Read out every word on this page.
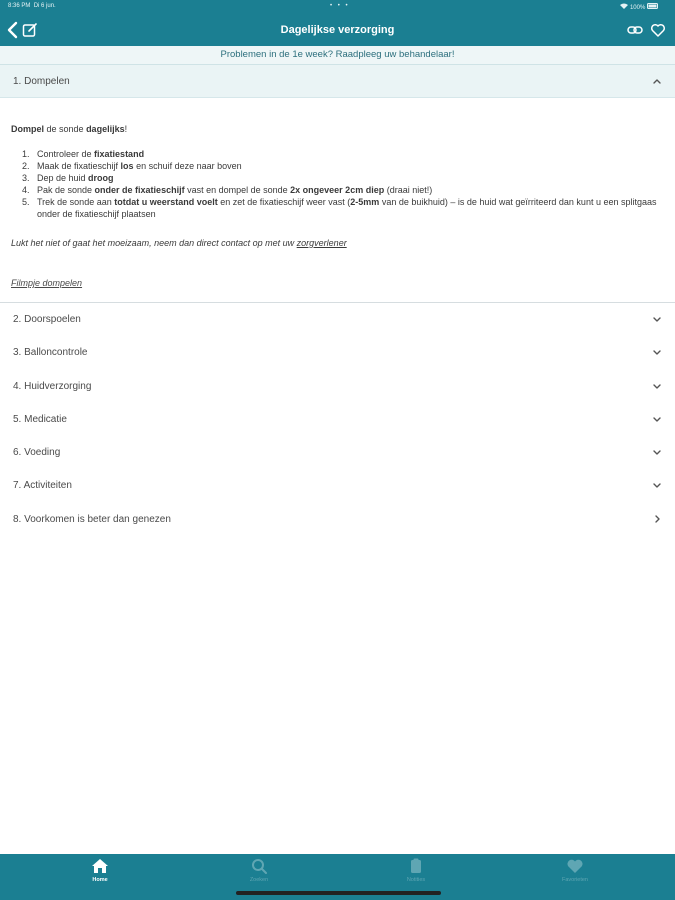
8:36 PM Di 6 jun.	• • •	100%
Dagelijkse verzorging
Problemen in de 1e week? Raadpleeg uw behandelaar!
1. Dompelen

Dompel de sonde dagelijks!

1. Controleer de fixatiestand
2. Maak de fixatieschijf los en schuif deze naar boven
3. Dep de huid droog
4. Pak de sonde onder de fixatieschijf vast en dompel de sonde 2x ongeveer 2cm diep (draai niet!)
5. Trek de sonde aan totdat u weerstand voelt en zet de fixatieschijf weer vast (2-5mm van de buikhuid) – is de huid wat geïrriteerd dan kunt u een splitgaas onder de fixatieschijf plaatsen

Lukt het niet of gaat het moeizaam, neem dan direct contact op met uw zorgverlener

Filmpje dompelen
2. Doorspoelen
3. Balloncontrole
4. Huidverzorging
5. Medicatie
6. Voeding
7. Activiteiten
8. Voorkomen is beter dan genezen
Home	Zoeken	Notities	Favorieten
